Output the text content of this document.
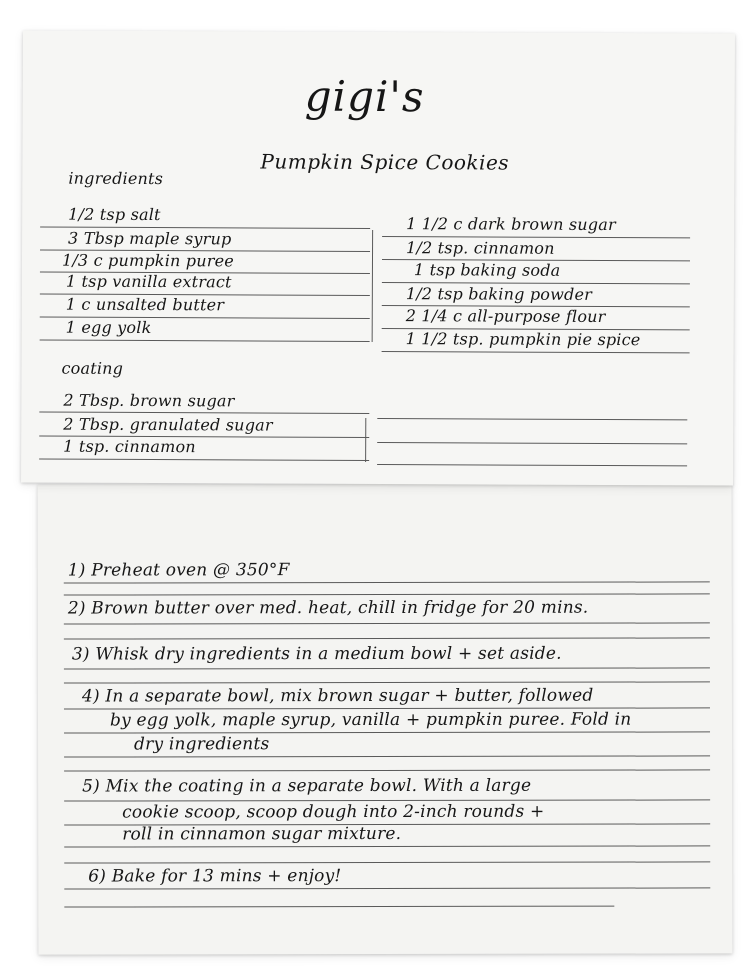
gigi's
Pumpkin Spice Cookies
ingredients
1/2 tsp salt
3 Tbsp maple syrup
1/3 c pumpkin puree
1 tsp vanilla extract
1 c unsalted butter
1 egg yolk
1 1/2 c dark brown sugar
1/2 tsp. cinnamon
1 tsp baking soda
1/2 tsp baking powder
2 1/4 c all-purpose flour
1 1/2 tsp. pumpkin pie spice
coating
2 Tbsp. brown sugar
2 Tbsp. granulated sugar
1 tsp. cinnamon
1) Preheat oven @ 350°F
2) Brown butter over med. heat, chill in fridge for 20 mins.
3) Whisk dry ingredients in a medium bowl + set aside.
4) In a separate bowl, mix brown sugar + butter, followed
by egg yolk, maple syrup, vanilla + pumpkin puree. Fold in
dry ingredients
5) Mix the coating in a separate bowl. With a large
cookie scoop, scoop dough into 2-inch rounds +
roll in cinnamon sugar mixture.
6) Bake for 13 mins + enjoy!
